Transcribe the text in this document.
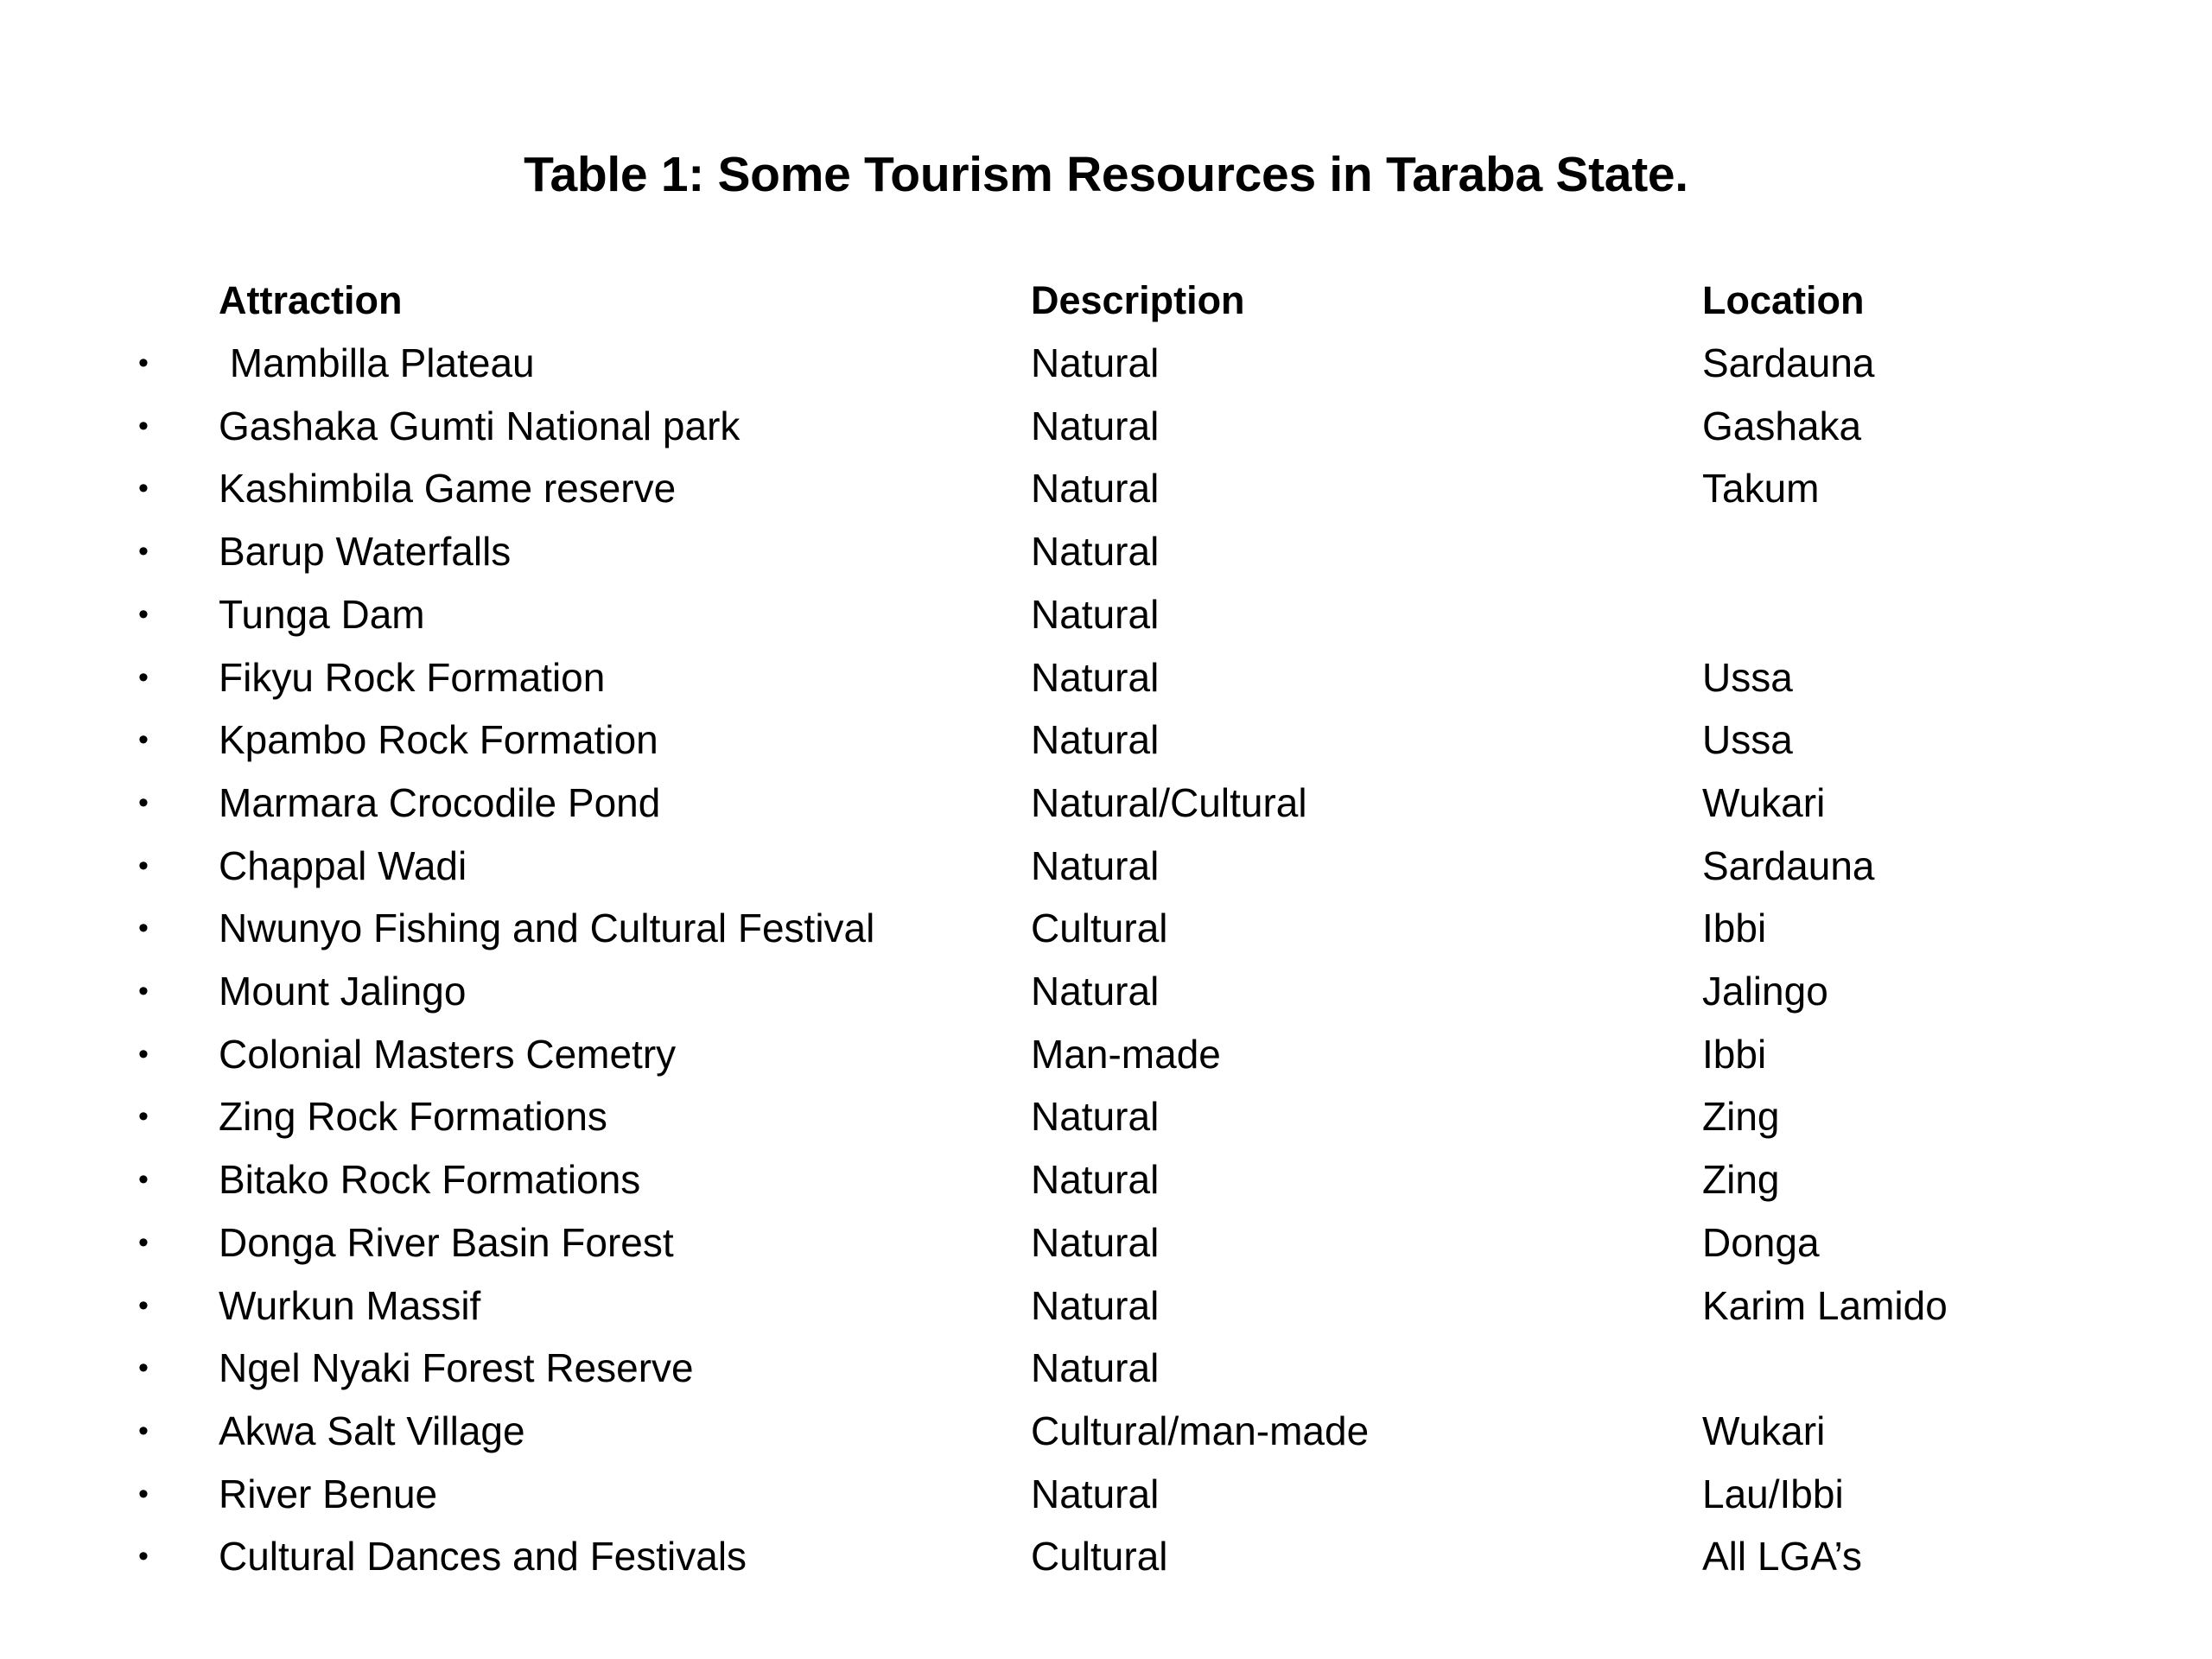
Table 1: Some Tourism Resources in Taraba State.
Attraction	Description	Location
• Mambilla Plateau	Natural	Sardauna
• Gashaka Gumti National park	Natural	Gashaka
• Kashimbila Game reserve	Natural	Takum
• Barup Waterfalls	Natural
• Tunga Dam	Natural
• Fikyu Rock Formation	Natural	Ussa
• Kpambo Rock Formation	Natural	Ussa
• Marmara Crocodile Pond	Natural/Cultural	Wukari
• Chappal Wadi	Natural	Sardauna
• Nwunyo Fishing and Cultural Festival	Cultural	Ibbi
• Mount Jalingo	Natural	Jalingo
• Colonial Masters Cemetry	Man-made	Ibbi
• Zing Rock Formations	Natural	Zing
• Bitako Rock Formations	Natural	Zing
• Donga River Basin Forest	Natural	Donga
• Wurkun Massif	Natural	Karim Lamido
• Ngel Nyaki Forest Reserve	Natural
• Akwa Salt Village	Cultural/man-made	Wukari
• River Benue	Natural	Lau/Ibbi
• Cultural Dances and Festivals	Cultural	All LGA’s
